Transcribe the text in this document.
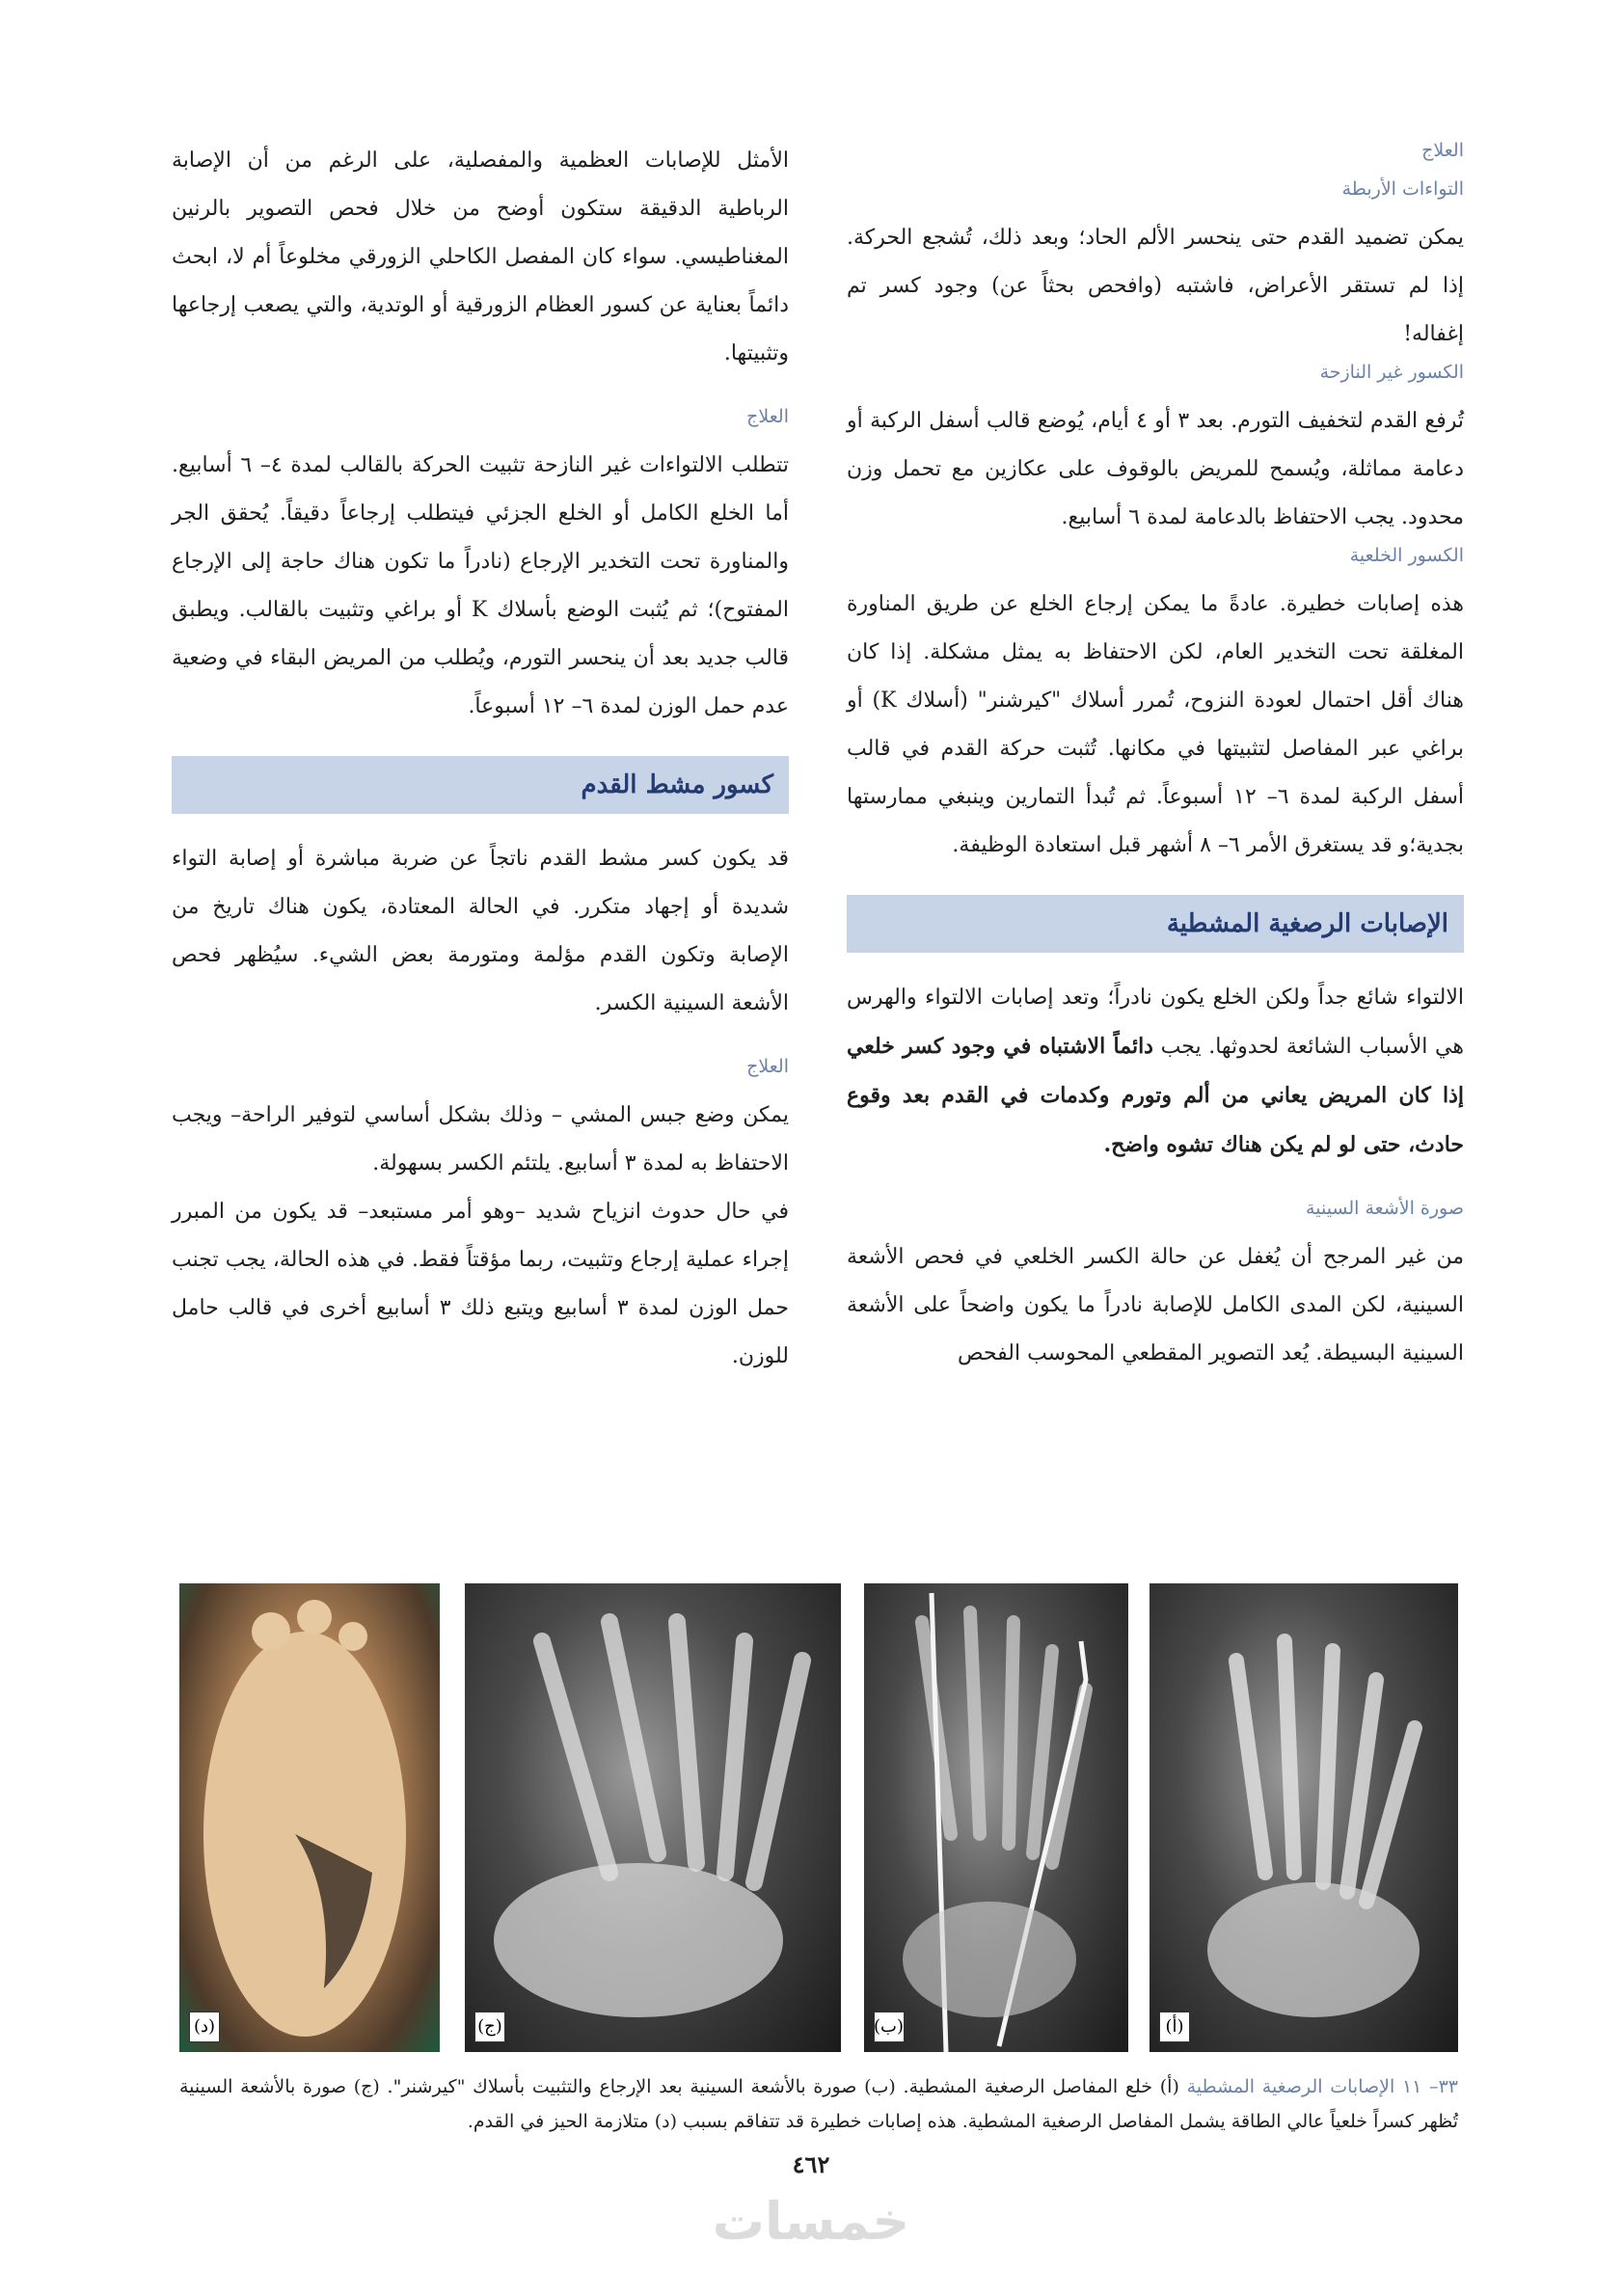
العلاج
التواءات الأربطة

يمكن تضميد القدم حتى ينحسر الألم الحاد؛ وبعد ذلك، تُشجع الحركة. إذا لم تستقر الأعراض، فاشتبه (وافحص بحثاً عن) وجود كسر تم إغفاله!

الكسور غير النازحة

تُرفع القدم لتخفيف التورم. بعد ٣ أو ٤ أيام، يُوضع قالب أسفل الركبة أو دعامة مماثلة، ويُسمح للمريض بالوقوف على عكازين مع تحمل وزن محدود. يجب الاحتفاظ بالدعامة لمدة ٦ أسابيع.

الكسور الخلعية

هذه إصابات خطيرة. عادةً ما يمكن إرجاع الخلع عن طريق المناورة المغلقة تحت التخدير العام، لكن الاحتفاظ به يمثل مشكلة. إذا كان هناك أقل احتمال لعودة النزوح، تُمرر أسلاك "كيرشنر" (أسلاك K) أو براغي عبر المفاصل لتثبيتها في مكانها. تُثبت حركة القدم في قالب أسفل الركبة لمدة ٦– ١٢ أسبوعاً. ثم تُبدأ التمارين وينبغي ممارستها بجدية؛و قد يستغرق الأمر ٦– ٨ أشهر قبل استعادة الوظيفة.

الإصابات الرصغية المشطية

الالتواء شائع جداً ولكن الخلع يكون نادراً؛ وتعد إصابات الالتواء والهرس هي الأسباب الشائعة لحدوثها. يجب دائماً الاشتباه في وجود كسر خلعي إذا كان المريض يعاني من ألم وتورم وكدمات في القدم بعد وقوع حادث، حتى لو لم يكن هناك تشوه واضح.

صورة الأشعة السينية

من غير المرجح أن يُغفل عن حالة الكسر الخلعي في فحص الأشعة السينية، لكن المدى الكامل للإصابة نادراً ما يكون واضحاً على الأشعة السينية البسيطة. يُعد التصوير المقطعي المحوسب الفحص

الأمثل للإصابات العظمية والمفصلية، على الرغم من أن الإصابة الرباطية الدقيقة ستكون أوضح من خلال فحص التصوير بالرنين المغناطيسي. سواء كان المفصل الكاحلي الزورقي مخلوعاً أم لا، ابحث دائماً بعناية عن كسور العظام الزورقية أو الوتدية، والتي يصعب إرجاعها وتثبيتها.

العلاج

تتطلب الالتواءات غير النازحة تثبيت الحركة بالقالب لمدة ٤– ٦ أسابيع. أما الخلع الكامل أو الخلع الجزئي فيتطلب إرجاعاً دقيقاً. يُحقق الجر والمناورة تحت التخدير الإرجاع (نادراً ما تكون هناك حاجة إلى الإرجاع المفتوح)؛ ثم يُثبت الوضع بأسلاك K أو براغي وتثبيت بالقالب. ويطبق قالب جديد بعد أن ينحسر التورم، ويُطلب من المريض البقاء في وضعية عدم حمل الوزن لمدة ٦– ١٢ أسبوعاً.

كسور مشط القدم

قد يكون كسر مشط القدم ناتجاً عن ضربة مباشرة أو إصابة التواء شديدة أو إجهاد متكرر. في الحالة المعتادة، يكون هناك تاريخ من الإصابة وتكون القدم مؤلمة ومتورمة بعض الشيء. سيُظهر فحص الأشعة السينية الكسر.

العلاج

يمكن وضع جبس المشي – وذلك بشكل أساسي لتوفير الراحة– ويجب الاحتفاظ به لمدة ٣ أسابيع. يلتئم الكسر بسهولة.

في حال حدوث انزياح شديد –وهو أمر مستبعد– قد يكون من المبرر إجراء عملية إرجاع وتثبيت، ربما مؤقتاً فقط. في هذه الحالة، يجب تجنب حمل الوزن لمدة ٣ أسابيع ويتبع ذلك ٣ أسابيع أخرى في قالب حامل للوزن.

(أ)
(ب)
(ج)
(د)
٣٣– ١١ الإصابات الرصغية المشطية (أ) خلع المفاصل الرصغية المشطية. (ب) صورة بالأشعة السينية بعد الإرجاع والتثبيت بأسلاك "كيرشنر". (ج) صورة بالأشعة السينية تُظهر كسراً خلعياً عالي الطاقة يشمل المفاصل الرصغية المشطية. هذه إصابات خطيرة قد تتفاقم بسبب (د) متلازمة الحيز في القدم.
٤٦٢
خمسات
